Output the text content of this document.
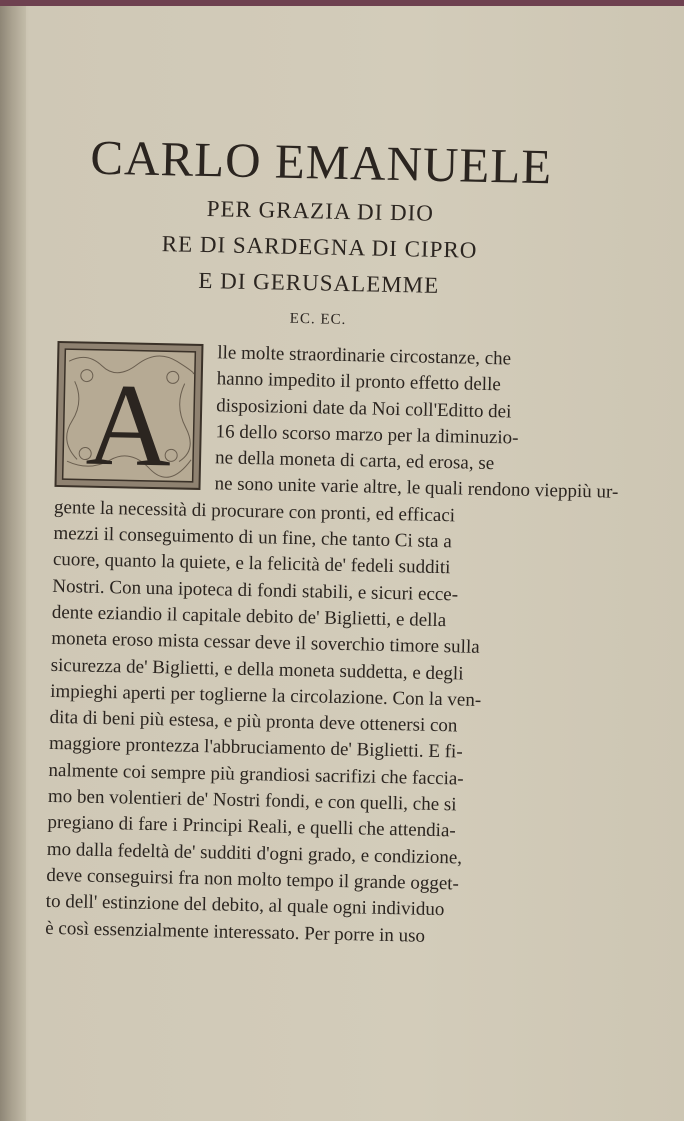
CARLO EMANUELE
PER GRAZIA DI DIO
RE DI SARDEGNA DI CIPRO
E DI GERUSALEMME
EC. EC.
A
lle molte straordinarie circostanze, che
hanno impedito il pronto effetto delle
disposizioni date da Noi coll'Editto dei
16 dello scorso marzo per la diminuzio-
ne della moneta di carta, ed erosa, se
ne sono unite varie altre, le quali rendono vieppiù ur-
gente la necessità di procurare con pronti, ed efficaci
mezzi il conseguimento di un fine, che tanto Ci sta a
cuore, quanto la quiete, e la felicità de' fedeli sudditi
Nostri. Con una ipoteca di fondi stabili, e sicuri ecce-
dente eziandio il capitale debito de' Biglietti, e della
moneta eroso mista cessar deve il soverchio timore sulla
sicurezza de' Biglietti, e della moneta suddetta, e degli
impieghi aperti per toglierne la circolazione. Con la ven-
dita di beni più estesa, e più pronta deve ottenersi con
maggiore prontezza l'abbruciamento de' Biglietti. E fi-
nalmente coi sempre più grandiosi sacrifizi che faccia-
mo ben volentieri de' Nostri fondi, e con quelli, che si
pregiano di fare i Principi Reali, e quelli che attendia-
mo dalla fedeltà de' sudditi d'ogni grado, e condizione,
deve conseguirsi fra non molto tempo il grande ogget-
to dell' estinzione del debito, al quale ogni individuo
è così essenzialmente interessato. Per porre in uso
